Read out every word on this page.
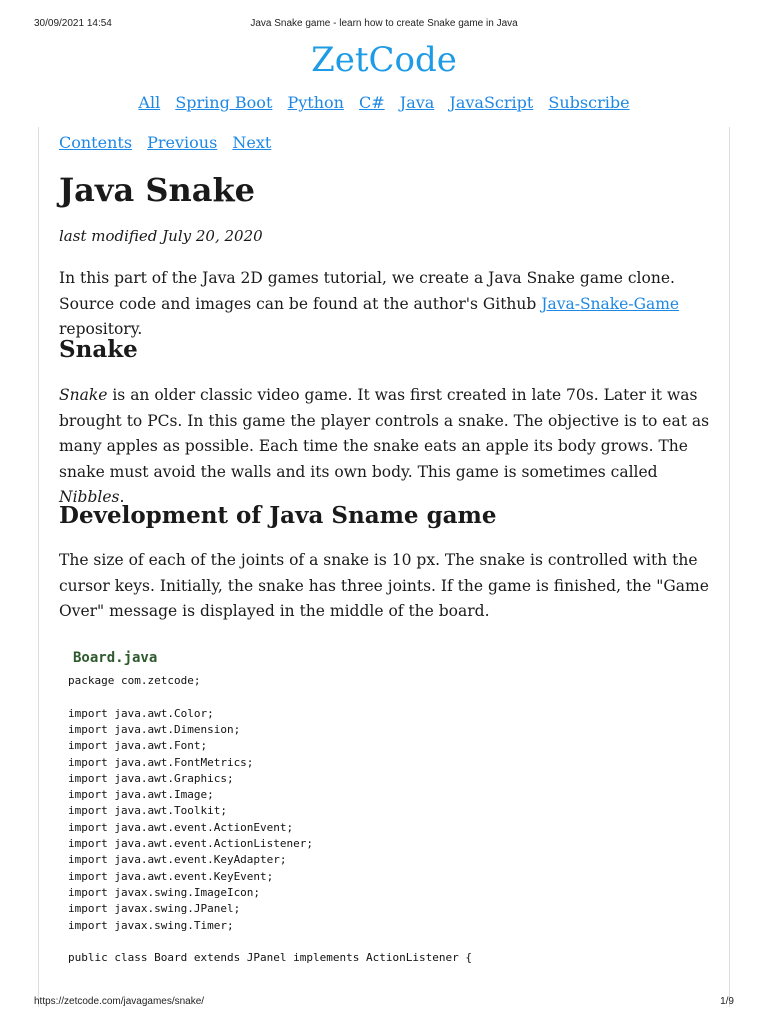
30/09/2021 14:54	Java Snake game - learn how to create Snake game in Java
ZetCode
All Spring Boot Python C# Java JavaScript Subscribe
Contents Previous Next
Java Snake
last modified July 20, 2020

In this part of the Java 2D games tutorial, we create a Java Snake game clone. Source code and images can be found at the author's Github Java-Snake-Game repository.

Snake

Snake is an older classic video game. It was first created in late 70s. Later it was brought to PCs. In this game the player controls a snake. The objective is to eat as many apples as possible. Each time the snake eats an apple its body grows. The snake must avoid the walls and its own body. This game is sometimes called Nibbles.

Development of Java Sname game

The size of each of the joints of a snake is 10 px. The snake is controlled with the cursor keys. Initially, the snake has three joints. If the game is finished, the "Game Over" message is displayed in the middle of the board.

Board.java
package com.zetcode;
import java.awt.Color;
import java.awt.Dimension;
import java.awt.Font;
import java.awt.FontMetrics;
import java.awt.Graphics;
import java.awt.Image;
import java.awt.Toolkit;
import java.awt.event.ActionEvent;
import java.awt.event.ActionListener;
import java.awt.event.KeyAdapter;
import java.awt.event.KeyEvent;
import javax.swing.ImageIcon;
import javax.swing.JPanel;
import javax.swing.Timer;
public class Board extends JPanel implements ActionListener {
https://zetcode.com/javagames/snake/	1/9
